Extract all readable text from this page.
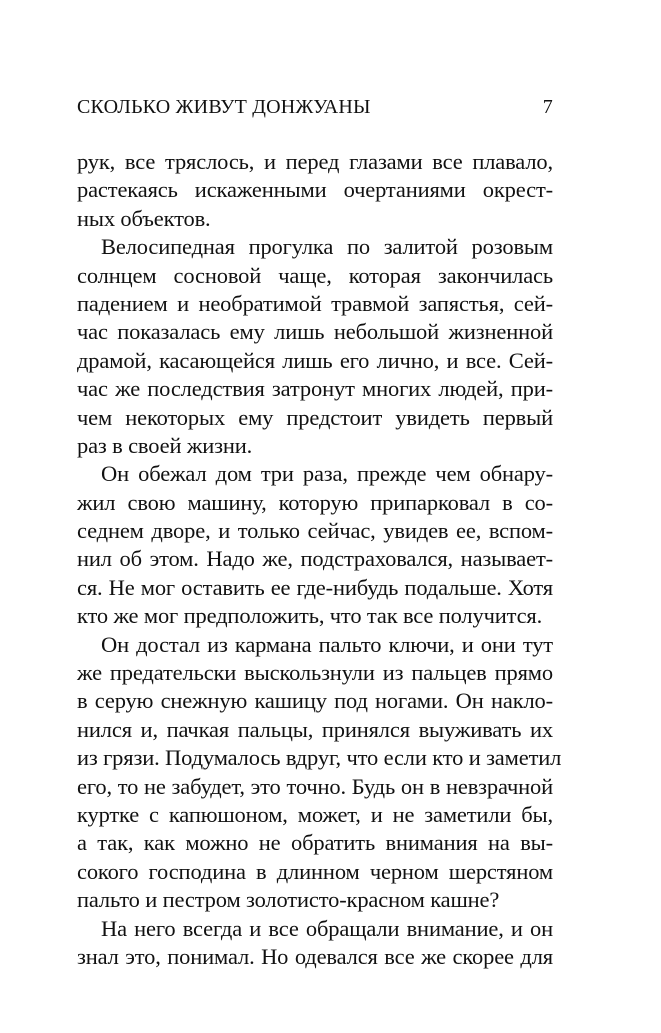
СКОЛЬКО ЖИВУТ ДОНЖУАНЫ	7
рук, все тряслось, и перед глазами все плавало,
растекаясь искаженными очертаниями окрест-
ных объектов.
Велосипедная прогулка по залитой розовым
солнцем сосновой чаще, которая закончилась
падением и необратимой травмой запястья, сей-
час показалась ему лишь небольшой жизненной
драмой, касающейся лишь его лично, и все. Сей-
час же последствия затронут многих людей, при-
чем некоторых ему предстоит увидеть первый
раз в своей жизни.
Он обежал дом три раза, прежде чем обнару-
жил свою машину, которую припарковал в со-
седнем дворе, и только сейчас, увидев ее, вспом-
нил об этом. Надо же, подстраховался, называет-
ся. Не мог оставить ее где-нибудь подальше. Хотя
кто же мог предположить, что так все получится.
Он достал из кармана пальто ключи, и они тут
же предательски выскользнули из пальцев прямо
в серую снежную кашицу под ногами. Он накло-
нился и, пачкая пальцы, принялся выуживать их
из грязи. Подумалось вдруг, что если кто и заметил
его, то не забудет, это точно. Будь он в невзрачной
куртке с капюшоном, может, и не заметили бы,
а так, как можно не обратить внимания на вы-
сокого господина в длинном черном шерстяном
пальто и пестром золотисто-красном кашне?
На него всегда и все обращали внимание, и он
знал это, понимал. Но одевался все же скорее для
